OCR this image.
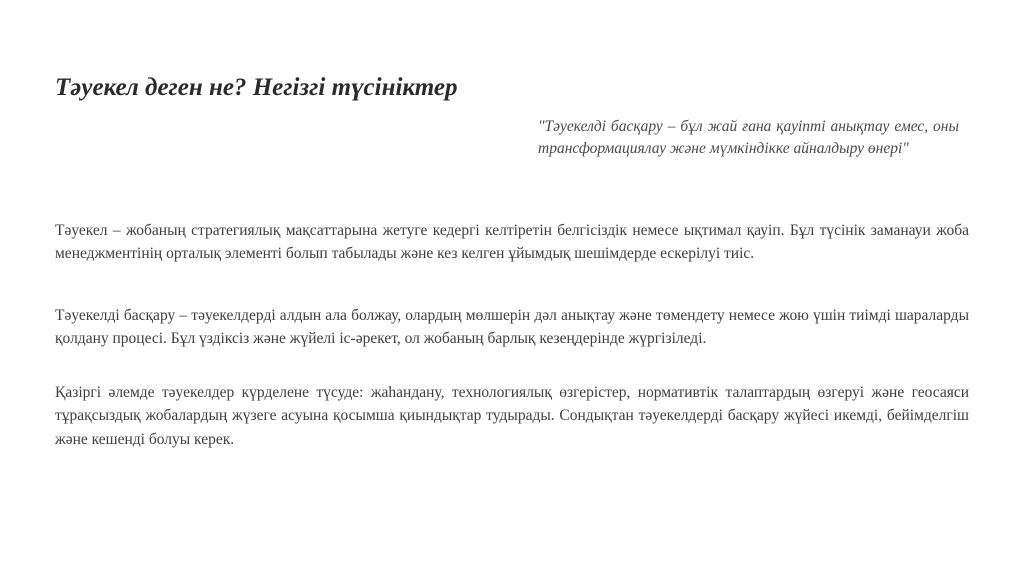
Тәуекел деген не? Негізгі түсініктер

"Тәуекелді басқару – бұл жай ғана қауіпті анықтау емес, оны трансформациялау және мүмкіндікке айналдыру өнері"

Тәуекел – жобаның стратегиялық мақсаттарына жетуге кедергі келтіретін белгісіздік немесе ықтимал қауіп. Бұл түсінік заманауи жоба менеджментінің орталық элементі болып табылады және кез келген ұйымдық шешімдерде ескерілуі тиіс.

Тәуекелді басқару – тәуекелдерді алдын ала болжау, олардың мөлшерін дәл анықтау және төмендету немесе жою үшін тиімді шараларды қолдану процесі. Бұл үздіксіз және жүйелі іс-әрекет, ол жобаның барлық кезеңдерінде жүргізіледі.

Қазіргі әлемде тәуекелдер күрделене түсуде: жаһандану, технологиялық өзгерістер, нормативтік талаптардың өзгеруі және геосаяси тұрақсыздық жобалардың жүзеге асуына қосымша қиындықтар тудырады. Сондықтан тәуекелдерді басқару жүйесі икемді, бейімделгіш және кешенді болуы керек.
